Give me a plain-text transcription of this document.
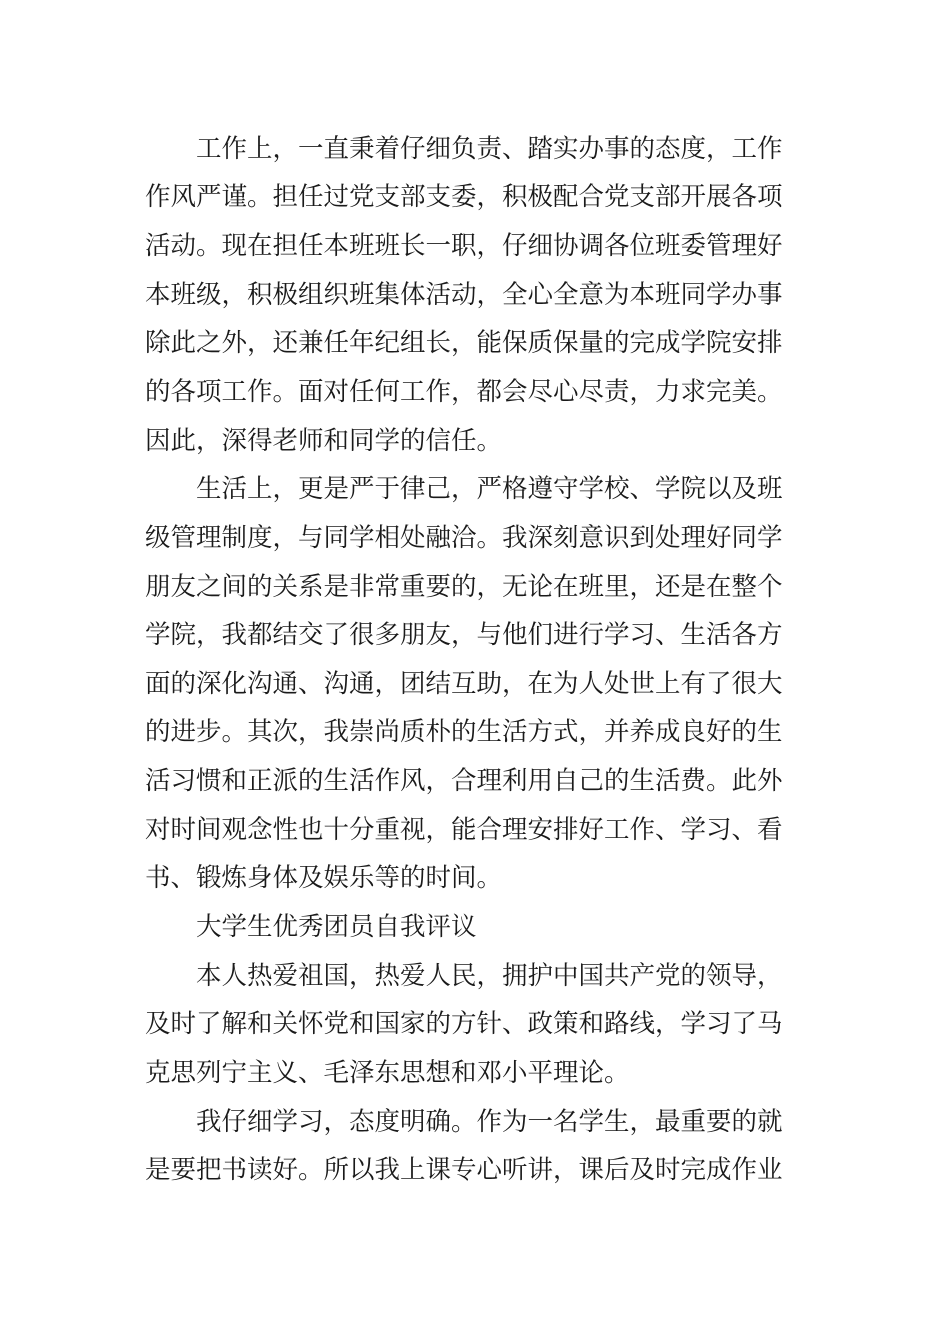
工作上，一直秉着仔细负责、踏实办事的态度，工作
作风严谨。担任过党支部支委，积极配合党支部开展各项
活动。现在担任本班班长一职，仔细协调各位班委管理好
本班级，积极组织班集体活动，全心全意为本班同学办事
除此之外，还兼任年纪组长，能保质保量的完成学院安排
的各项工作。面对任何工作，都会尽心尽责，力求完美。
因此，深得老师和同学的信任。
生活上，更是严于律己，严格遵守学校、学院以及班
级管理制度，与同学相处融洽。我深刻意识到处理好同学
朋友之间的关系是非常重要的，无论在班里，还是在整个
学院，我都结交了很多朋友，与他们进行学习、生活各方
面的深化沟通、沟通，团结互助，在为人处世上有了很大
的进步。其次，我崇尚质朴的生活方式，并养成良好的生
活习惯和正派的生活作风，合理利用自己的生活费。此外
对时间观念性也十分重视，能合理安排好工作、学习、看
书、锻炼身体及娱乐等的时间。
大学生优秀团员自我评议
本人热爱祖国，热爱人民，拥护中国共产党的领导，
及时了解和关怀党和国家的方针、政策和路线，学习了马
克思列宁主义、毛泽东思想和邓小平理论。
我仔细学习，态度明确。作为一名学生，最重要的就
是要把书读好。所以我上课专心听讲，课后及时完成作业
